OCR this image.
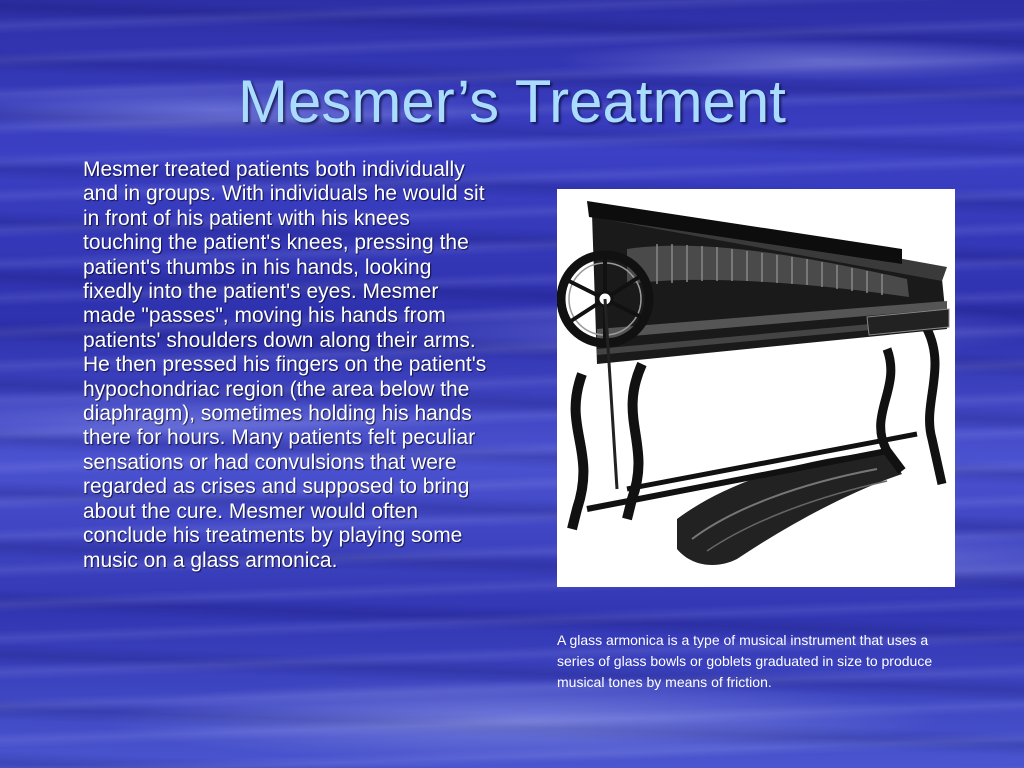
Mesmer’s Treatment

Mesmer treated patients both individually and in groups. With individuals he would sit in front of his patient with his knees touching the patient's knees, pressing the patient's thumbs in his hands, looking fixedly into the patient's eyes. Mesmer made "passes", moving his hands from patients' shoulders down along their arms. He then pressed his fingers on the patient's hypochondriac region (the area below the diaphragm), sometimes holding his hands there for hours. Many patients felt peculiar sensations or had convulsions that were regarded as crises and supposed to bring about the cure. Mesmer would often conclude his treatments by playing some music on a glass armonica.

A glass armonica is a type of musical instrument that uses a series of glass bowls or goblets graduated in size to produce musical tones by means of friction.
